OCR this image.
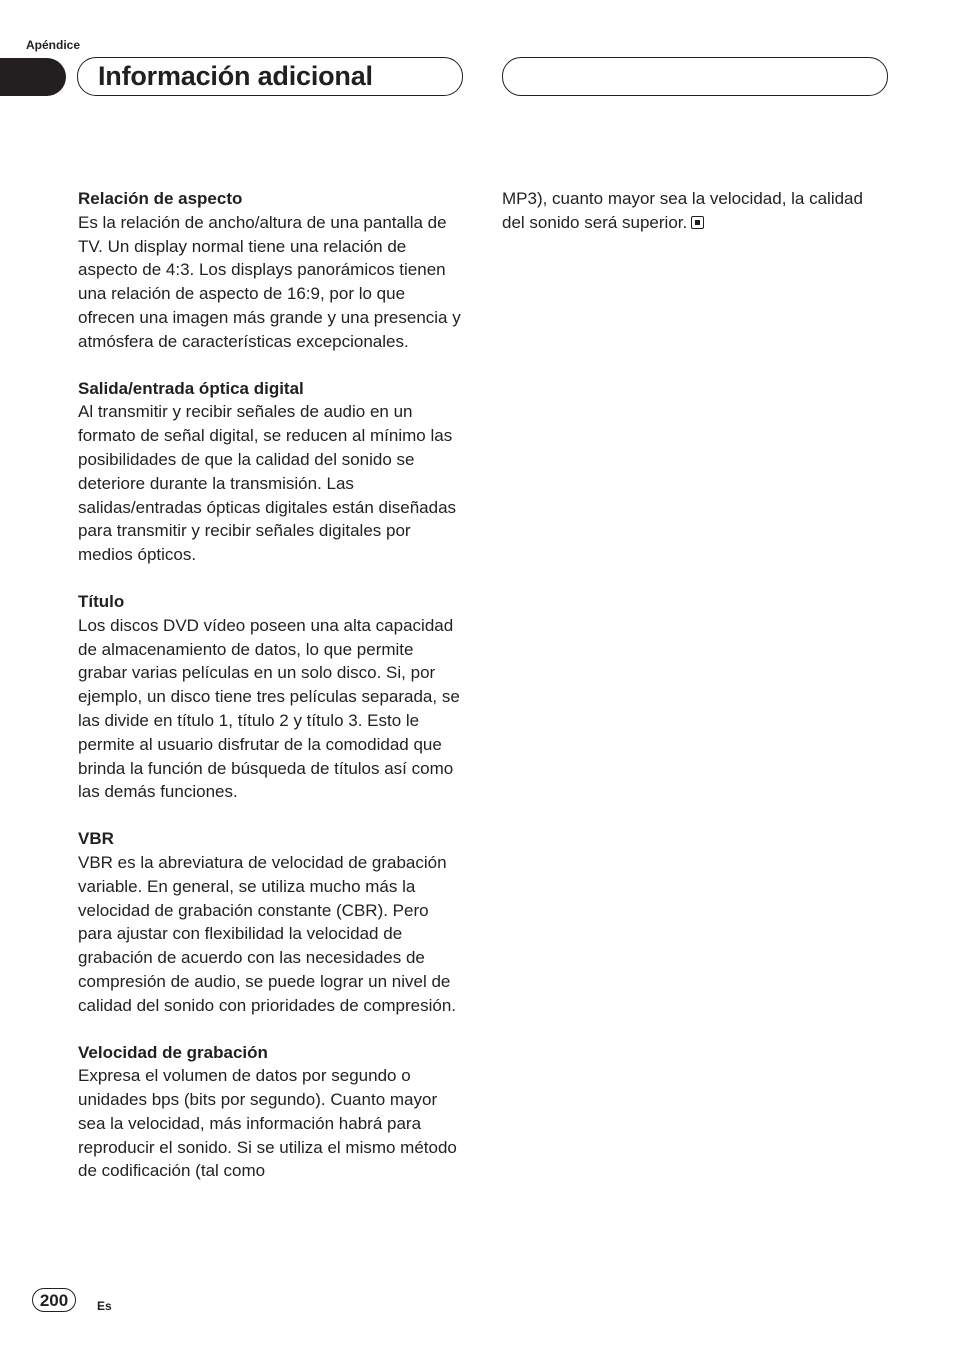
Apéndice
Información adicional
Relación de aspecto

Es la relación de ancho/altura de una pantalla de TV. Un display normal tiene una relación de aspecto de 4:3. Los displays panorámicos tienen una relación de aspecto de 16:9, por lo que ofrecen una imagen más grande y una presencia y atmósfera de características excepcionales.

Salida/entrada óptica digital

Al transmitir y recibir señales de audio en un formato de señal digital, se reducen al mínimo las posibilidades de que la calidad del sonido se deteriore durante la transmisión. Las salidas/entradas ópticas digitales están diseñadas para transmitir y recibir señales digitales por medios ópticos.

Título

Los discos DVD vídeo poseen una alta capacidad de almacenamiento de datos, lo que permite grabar varias películas en un solo disco. Si, por ejemplo, un disco tiene tres películas separada, se las divide en título 1, título 2 y título 3. Esto le permite al usuario disfrutar de la comodidad que brinda la función de búsqueda de títulos así como las demás funciones.

VBR

VBR es la abreviatura de velocidad de grabación variable. En general, se utiliza mucho más la velocidad de grabación constante (CBR). Pero para ajustar con flexibilidad la velocidad de grabación de acuerdo con las necesidades de compresión de audio, se puede lograr un nivel de calidad del sonido con prioridades de compresión.

Velocidad de grabación

Expresa el volumen de datos por segundo o unidades bps (bits por segundo). Cuanto mayor sea la velocidad, más información habrá para reproducir el sonido. Si se utiliza el mismo método de codificación (tal como

MP3), cuanto mayor sea la velocidad, la calidad del sonido será superior.

200	Es
